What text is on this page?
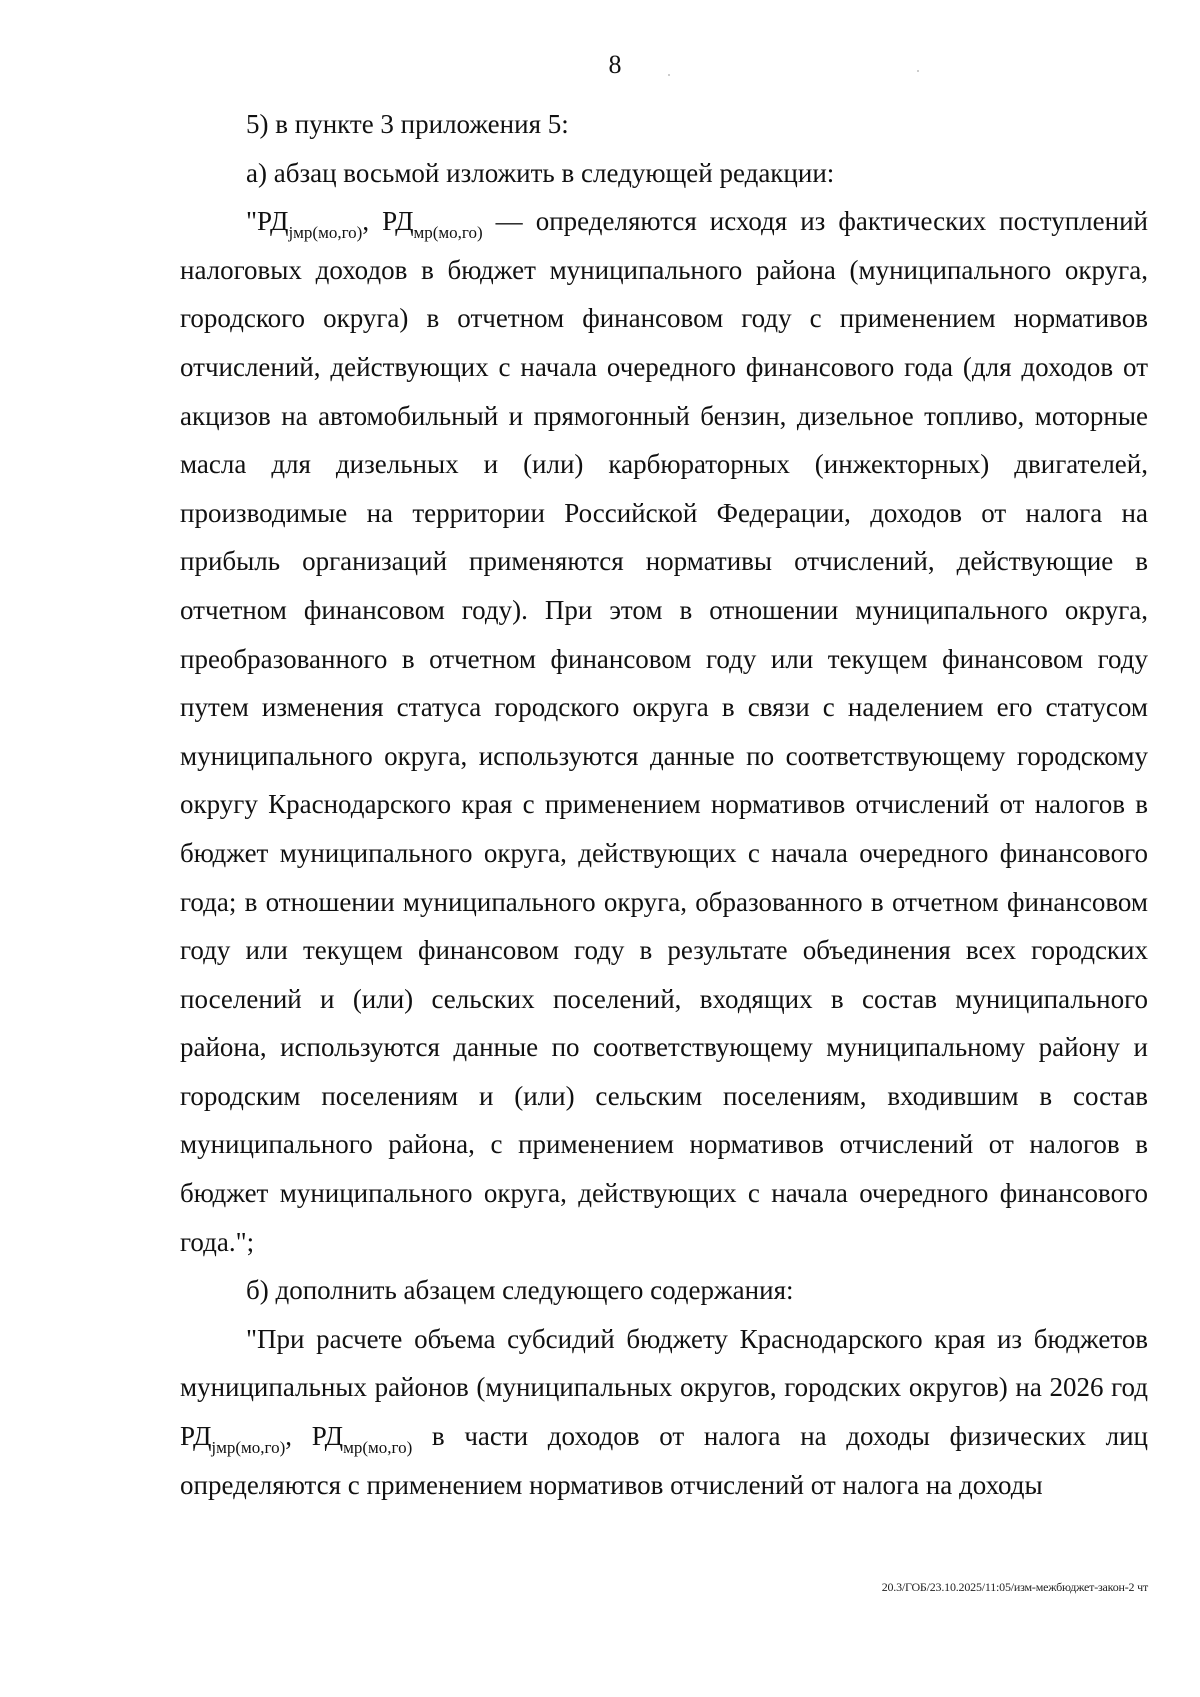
8

5) в пункте 3 приложения 5:

а) абзац восьмой изложить в следующей редакции:

"$РД_{jмр(мо,го)}$, $РД_{мр(мо,го)}$ — определяются исходя из фактических поступлений налоговых доходов в бюджет муниципального района (муниципального округа, городского округа) в отчетном финансовом году с применением нормативов отчислений, действующих с начала очередного финансового года (для доходов от акцизов на автомобильный и прямогонный бензин, дизельное топливо, моторные масла для дизельных и (или) карбюраторных (инжекторных) двигателей, производимые на территории Российской Федерации, доходов от налога на прибыль организаций применяются нормативы отчислений, действующие в отчетном финансовом году). При этом в отношении муниципального округа, преобразованного в отчетном финансовом году или текущем финансовом году путем изменения статуса городского округа в связи с наделением его статусом муниципального округа, используются данные по соответствующему городскому округу Краснодарского края с применением нормативов отчислений от налогов в бюджет муниципального округа, действующих с начала очередного финансового года; в отношении муниципального округа, образованного в отчетном финансовом году или текущем финансовом году в результате объединения всех городских поселений и (или) сельских поселений, входящих в состав муниципального района, используются данные по соответствующему муниципальному району и городским поселениям и (или) сельским поселениям, входившим в состав муниципального района, с применением нормативов отчислений от налогов в бюджет муниципального округа, действующих с начала очередного финансового года.";

б) дополнить абзацем следующего содержания:

"При расчете объема субсидий бюджету Краснодарского края из бюджетов муниципальных районов (муниципальных округов, городских округов) на 2026 год $РД_{jмр(мо,го)}$, $РД_{мр(мо,го)}$ в части доходов от налога на доходы физических лиц определяются с применением нормативов отчислений от налога на доходы

20.3/ГОБ/23.10.2025/11:05/изм-межбюджет-закон-2 чт
